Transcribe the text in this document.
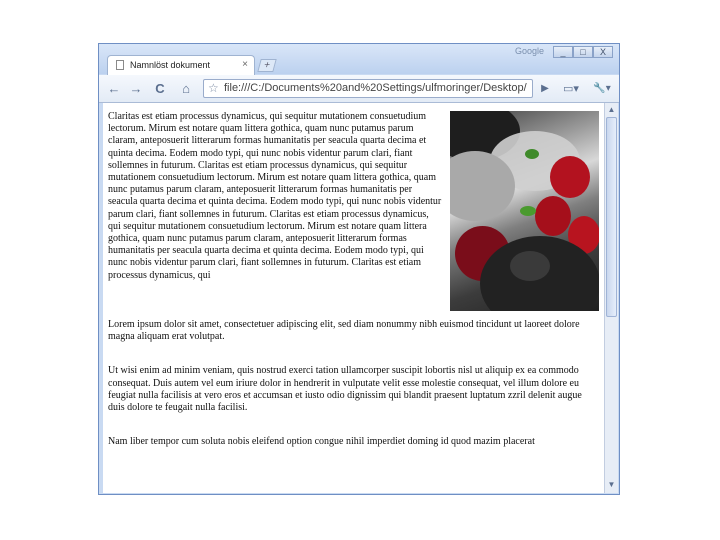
Google	_	□	X
Namnlöst dokument	×	+
← → C	⌂	☆ file:///C:/Documents%20and%20Settings/ulfmoringer/Desktop/	▶	▭▾	🔧▾

Claritas est etiam processus dynamicus, qui sequitur mutationem consuetudium lectorum. Mirum est notare quam littera gothica, quam nunc putamus parum claram, anteposuerit litterarum formas humanitatis per seacula quarta decima et quinta decima. Eodem modo typi, qui nunc nobis videntur parum clari, fiant sollemnes in futurum. Claritas est etiam processus dynamicus, qui sequitur mutationem consuetudium lectorum. Mirum est notare quam littera gothica, quam nunc putamus parum claram, anteposuerit litterarum formas humanitatis per seacula quarta decima et quinta decima. Eodem modo typi, qui nunc nobis videntur parum clari, fiant sollemnes in futurum. Claritas est etiam processus dynamicus, qui sequitur mutationem consuetudium lectorum. Mirum est notare quam littera gothica, quam nunc putamus parum claram, anteposuerit litterarum formas humanitatis per seacula quarta decima et quinta decima. Eodem modo typi, qui nunc nobis videntur parum clari, fiant sollemnes in futurum. Claritas est etiam processus dynamicus, qui

Lorem ipsum dolor sit amet, consectetuer adipiscing elit, sed diam nonummy nibh euismod tincidunt ut laoreet dolore magna aliquam erat volutpat.

Ut wisi enim ad minim veniam, quis nostrud exerci tation ullamcorper suscipit lobortis nisl ut aliquip ex ea commodo consequat. Duis autem vel eum iriure dolor in hendrerit in vulputate velit esse molestie consequat, vel illum dolore eu feugiat nulla facilisis at vero eros et accumsan et iusto odio dignissim qui blandit praesent luptatum zzril delenit augue duis dolore te feugait nulla facilisi.

Nam liber tempor cum soluta nobis eleifend option congue nihil imperdiet doming id quod mazim placerat

▲
▼
